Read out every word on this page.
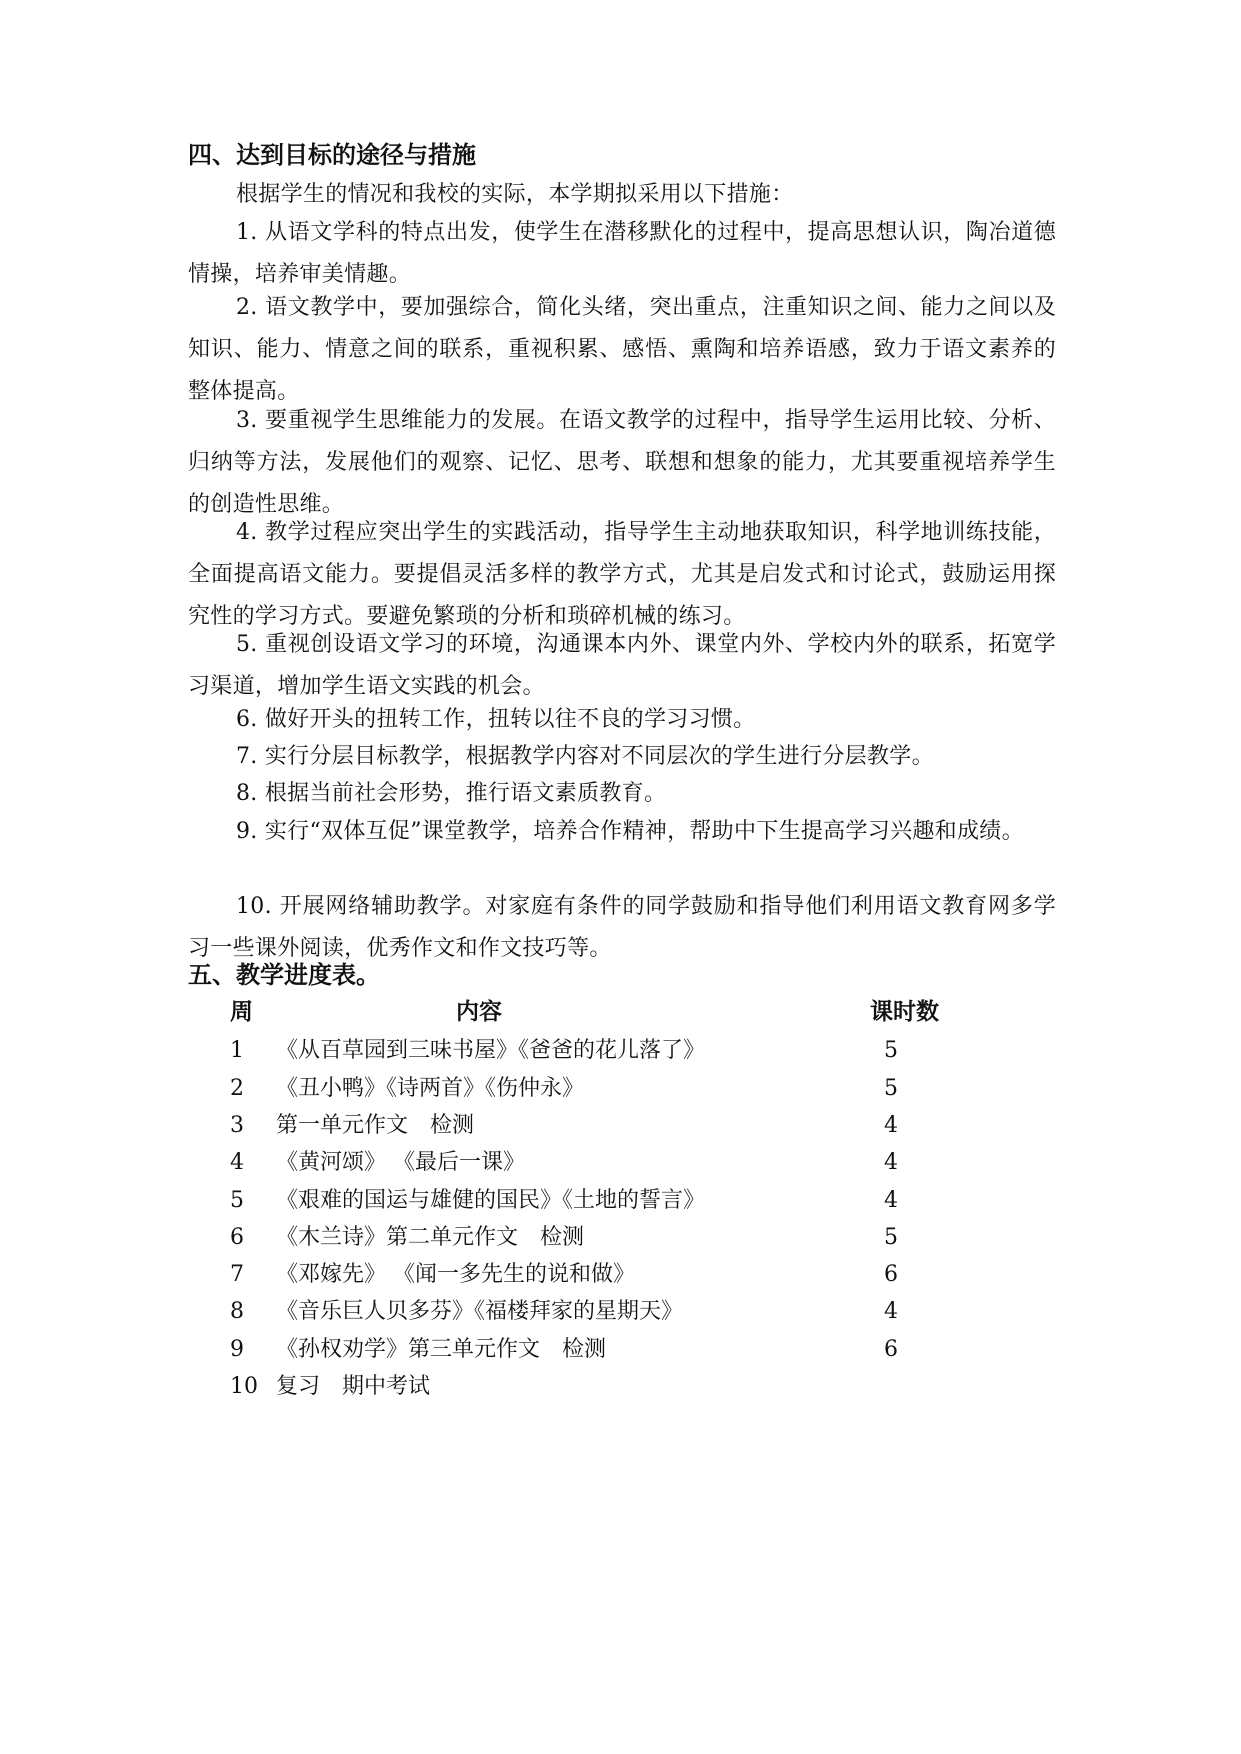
四、达到目标的途径与措施
根据学生的情况和我校的实际，本学期拟采用以下措施：
1. 从语文学科的特点出发，使学生在潜移默化的过程中，提高思想认识，陶冶道德情操，培养审美情趣。
2. 语文教学中，要加强综合，简化头绪，突出重点，注重知识之间、能力之间以及知识、能力、情意之间的联系，重视积累、感悟、熏陶和培养语感，致力于语文素养的整体提高。
3. 要重视学生思维能力的发展。在语文教学的过程中，指导学生运用比较、分析、归纳等方法，发展他们的观察、记忆、思考、联想和想象的能力，尤其要重视培养学生的创造性思维。
4. 教学过程应突出学生的实践活动，指导学生主动地获取知识，科学地训练技能，全面提高语文能力。要提倡灵活多样的教学方式，尤其是启发式和讨论式，鼓励运用探究性的学习方式。要避免繁琐的分析和琐碎机械的练习。
5. 重视创设语文学习的环境，沟通课本内外、课堂内外、学校内外的联系，拓宽学习渠道，增加学生语文实践的机会。
6. 做好开头的扭转工作，扭转以往不良的学习习惯。
7. 实行分层目标教学，根据教学内容对不同层次的学生进行分层教学。
8. 根据当前社会形势，推行语文素质教育。
9. 实行“双体互促”课堂教学，培养合作精神，帮助中下生提高学习兴趣和成绩。
10. 开展网络辅助教学。对家庭有条件的同学鼓励和指导他们利用语文教育网多学习一些课外阅读，优秀作文和作文技巧等。
五、教学进度表。
周	内容	课时数
1 《从百草园到三味书屋》《爸爸的花儿落了》	5
2 《丑小鸭》《诗两首》《伤仲永》	5
3 第一单元作文　检测	4
4 《黄河颂》 《最后一课》	4
5 《艰难的国运与雄健的国民》《土地的誓言》	4
6 《木兰诗》第二单元作文　检测	5
7 《邓嫁先》 《闻一多先生的说和做》	6
8 《音乐巨人贝多芬》《福楼拜家的星期天》	4
9 《孙权劝学》第三单元作文　检测	6
10 复习　期中考试
